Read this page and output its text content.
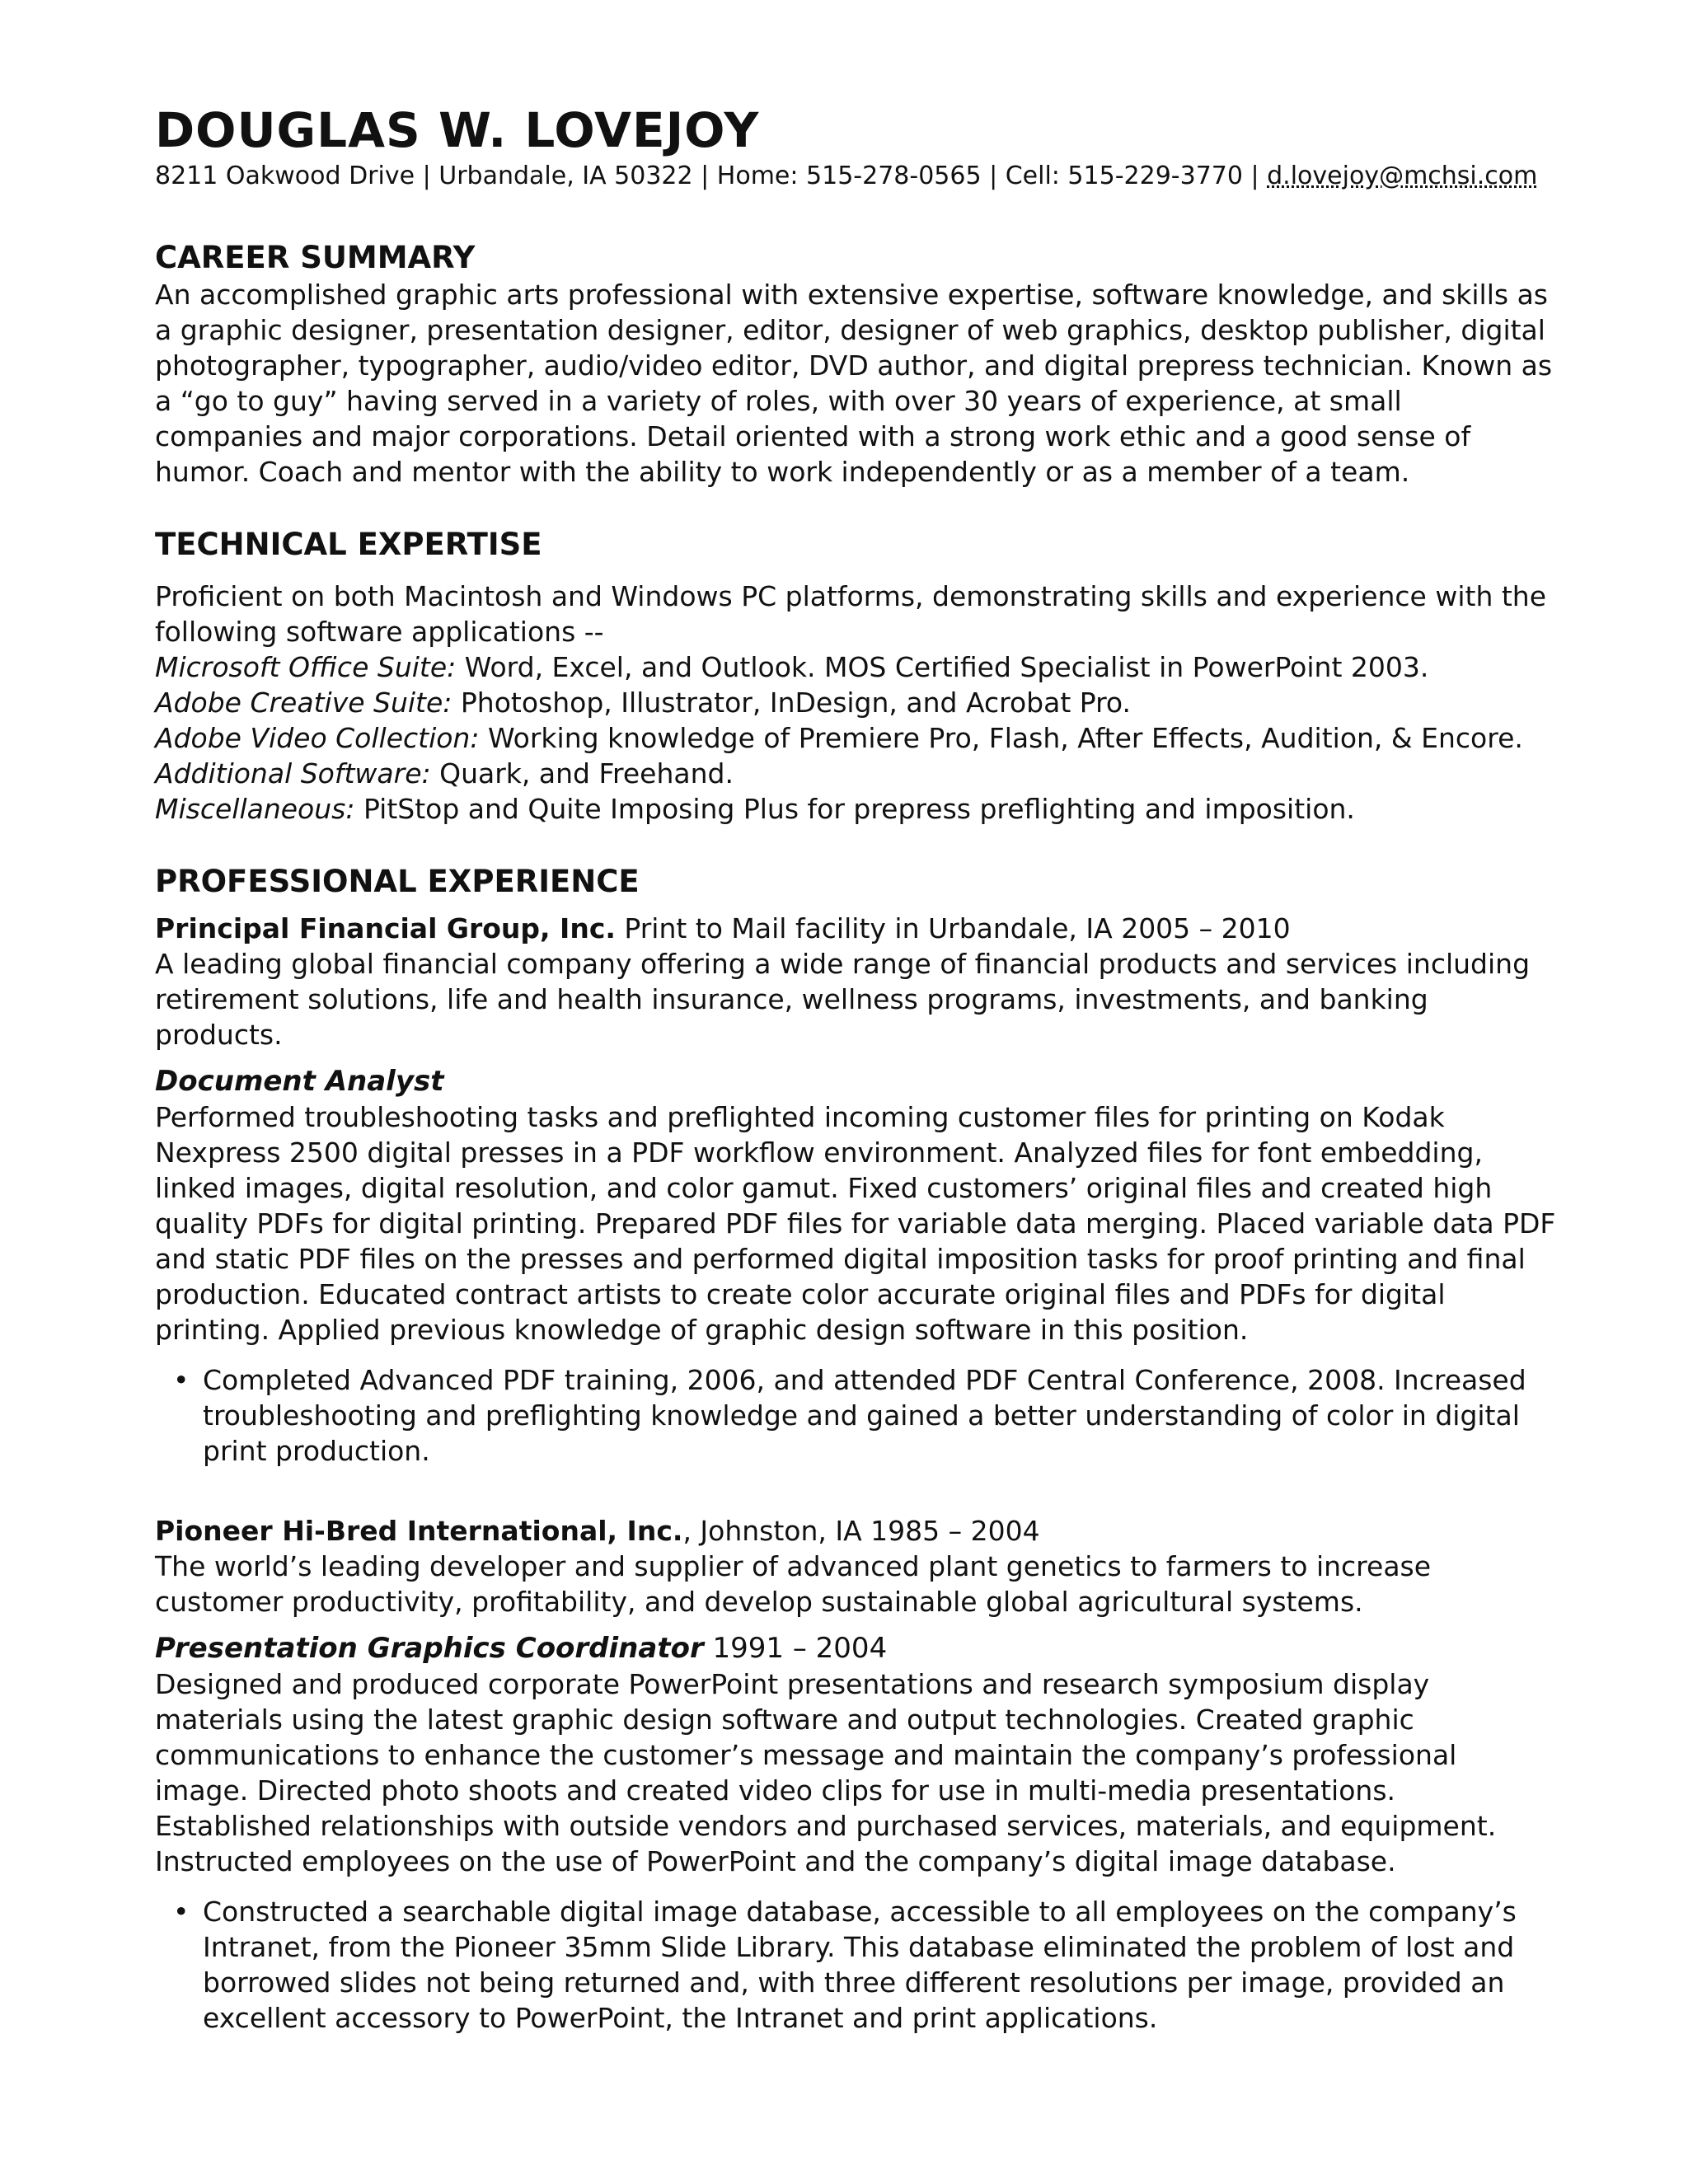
DOUGLAS W. LOVEJOY

8211 Oakwood Drive | Urbandale, IA 50322 | Home: 515-278-0565 | Cell: 515-229-3770 | d.lovejoy@mchsi.com

CAREER SUMMARY

An accomplished graphic arts professional with extensive expertise, software knowledge, and skills as a graphic designer, presentation designer, editor, designer of web graphics, desktop publisher, digital photographer, typographer, audio/video editor, DVD author, and digital prepress technician. Known as a “go to guy” having served in a variety of roles, with over 30 years of experience, at small companies and major corporations. Detail oriented with a strong work ethic and a good sense of humor. Coach and mentor with the ability to work independently or as a member of a team.

TECHNICAL EXPERTISE

Proficient on both Macintosh and Windows PC platforms, demonstrating skills and experience with the following software applications --

Microsoft Office Suite: Word, Excel, and Outlook. MOS Certified Specialist in PowerPoint 2003.

Adobe Creative Suite: Photoshop, Illustrator, InDesign, and Acrobat Pro.

Adobe Video Collection: Working knowledge of Premiere Pro, Flash, After Effects, Audition, & Encore.

Additional Software: Quark, and Freehand.

Miscellaneous: PitStop and Quite Imposing Plus for prepress preflighting and imposition.

PROFESSIONAL EXPERIENCE

Principal Financial Group, Inc. Print to Mail facility in Urbandale, IA 2005 – 2010

A leading global financial company offering a wide range of financial products and services including retirement solutions, life and health insurance, wellness programs, investments, and banking products.

Document Analyst

Performed troubleshooting tasks and preflighted incoming customer files for printing on Kodak Nexpress 2500 digital presses in a PDF workflow environment. Analyzed files for font embedding, linked images, digital resolution, and color gamut. Fixed customers’ original files and created high quality PDFs for digital printing. Prepared PDF files for variable data merging. Placed variable data PDF and static PDF files on the presses and performed digital imposition tasks for proof printing and final production. Educated contract artists to create color accurate original files and PDFs for digital printing. Applied previous knowledge of graphic design software in this position.

• Completed Advanced PDF training, 2006, and attended PDF Central Conference, 2008. Increased troubleshooting and preflighting knowledge and gained a better understanding of color in digital print production.

Pioneer Hi-Bred International, Inc., Johnston, IA 1985 – 2004

The world’s leading developer and supplier of advanced plant genetics to farmers to increase customer productivity, profitability, and develop sustainable global agricultural systems.

Presentation Graphics Coordinator 1991 – 2004

Designed and produced corporate PowerPoint presentations and research symposium display materials using the latest graphic design software and output technologies. Created graphic communications to enhance the customer’s message and maintain the company’s professional image. Directed photo shoots and created video clips for use in multi-media presentations. Established relationships with outside vendors and purchased services, materials, and equipment. Instructed employees on the use of PowerPoint and the company’s digital image database.

• Constructed a searchable digital image database, accessible to all employees on the company’s Intranet, from the Pioneer 35mm Slide Library. This database eliminated the problem of lost and borrowed slides not being returned and, with three different resolutions per image, provided an excellent accessory to PowerPoint, the Intranet and print applications.
